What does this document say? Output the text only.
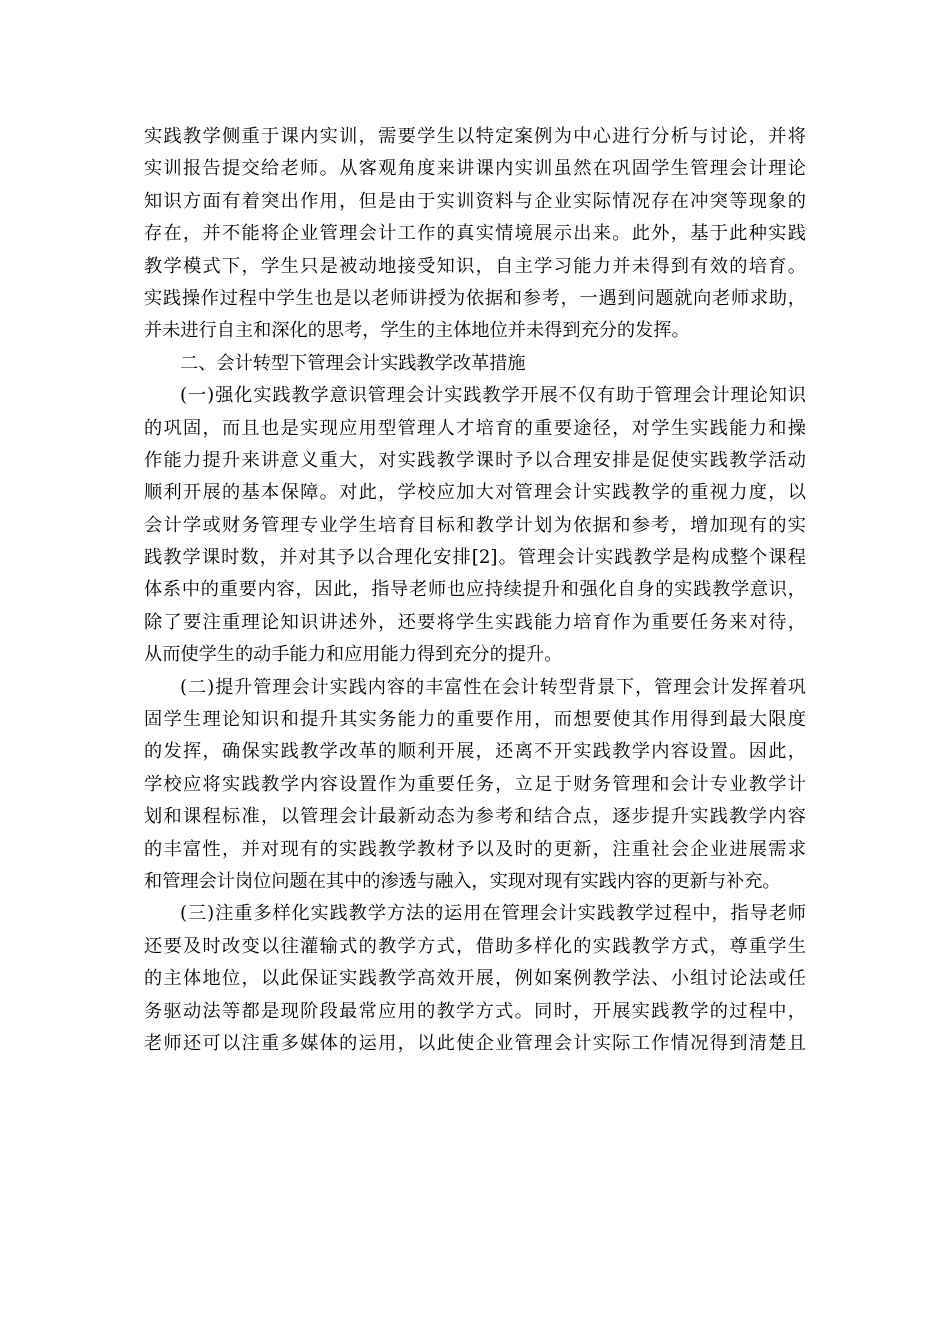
实践教学侧重于课内实训，需要学生以特定案例为中心进行分析与讨论，并将
实训报告提交给老师。从客观角度来讲课内实训虽然在巩固学生管理会计理论
知识方面有着突出作用，但是由于实训资料与企业实际情况存在冲突等现象的
存在，并不能将企业管理会计工作的真实情境展示出来。此外，基于此种实践
教学模式下，学生只是被动地接受知识，自主学习能力并未得到有效的培育。
实践操作过程中学生也是以老师讲授为依据和参考，一遇到问题就向老师求助，
并未进行自主和深化的思考，学生的主体地位并未得到充分的发挥。
二、会计转型下管理会计实践教学改革措施
(一)强化实践教学意识管理会计实践教学开展不仅有助于管理会计理论知识
的巩固，而且也是实现应用型管理人才培育的重要途径，对学生实践能力和操
作能力提升来讲意义重大，对实践教学课时予以合理安排是促使实践教学活动
顺利开展的基本保障。对此，学校应加大对管理会计实践教学的重视力度，以
会计学或财务管理专业学生培育目标和教学计划为依据和参考，增加现有的实
践教学课时数，并对其予以合理化安排[2]。管理会计实践教学是构成整个课程
体系中的重要内容，因此，指导老师也应持续提升和强化自身的实践教学意识，
除了要注重理论知识讲述外，还要将学生实践能力培育作为重要任务来对待，
从而使学生的动手能力和应用能力得到充分的提升。
(二)提升管理会计实践内容的丰富性在会计转型背景下，管理会计发挥着巩
固学生理论知识和提升其实务能力的重要作用，而想要使其作用得到最大限度
的发挥，确保实践教学改革的顺利开展，还离不开实践教学内容设置。因此，
学校应将实践教学内容设置作为重要任务，立足于财务管理和会计专业教学计
划和课程标准，以管理会计最新动态为参考和结合点，逐步提升实践教学内容
的丰富性，并对现有的实践教学教材予以及时的更新，注重社会企业进展需求
和管理会计岗位问题在其中的渗透与融入，实现对现有实践内容的更新与补充。
(三)注重多样化实践教学方法的运用在管理会计实践教学过程中，指导老师
还要及时改变以往灌输式的教学方式，借助多样化的实践教学方式，尊重学生
的主体地位，以此保证实践教学高效开展，例如案例教学法、小组讨论法或任
务驱动法等都是现阶段最常应用的教学方式。同时，开展实践教学的过程中，
老师还可以注重多媒体的运用，以此使企业管理会计实际工作情况得到清楚且
